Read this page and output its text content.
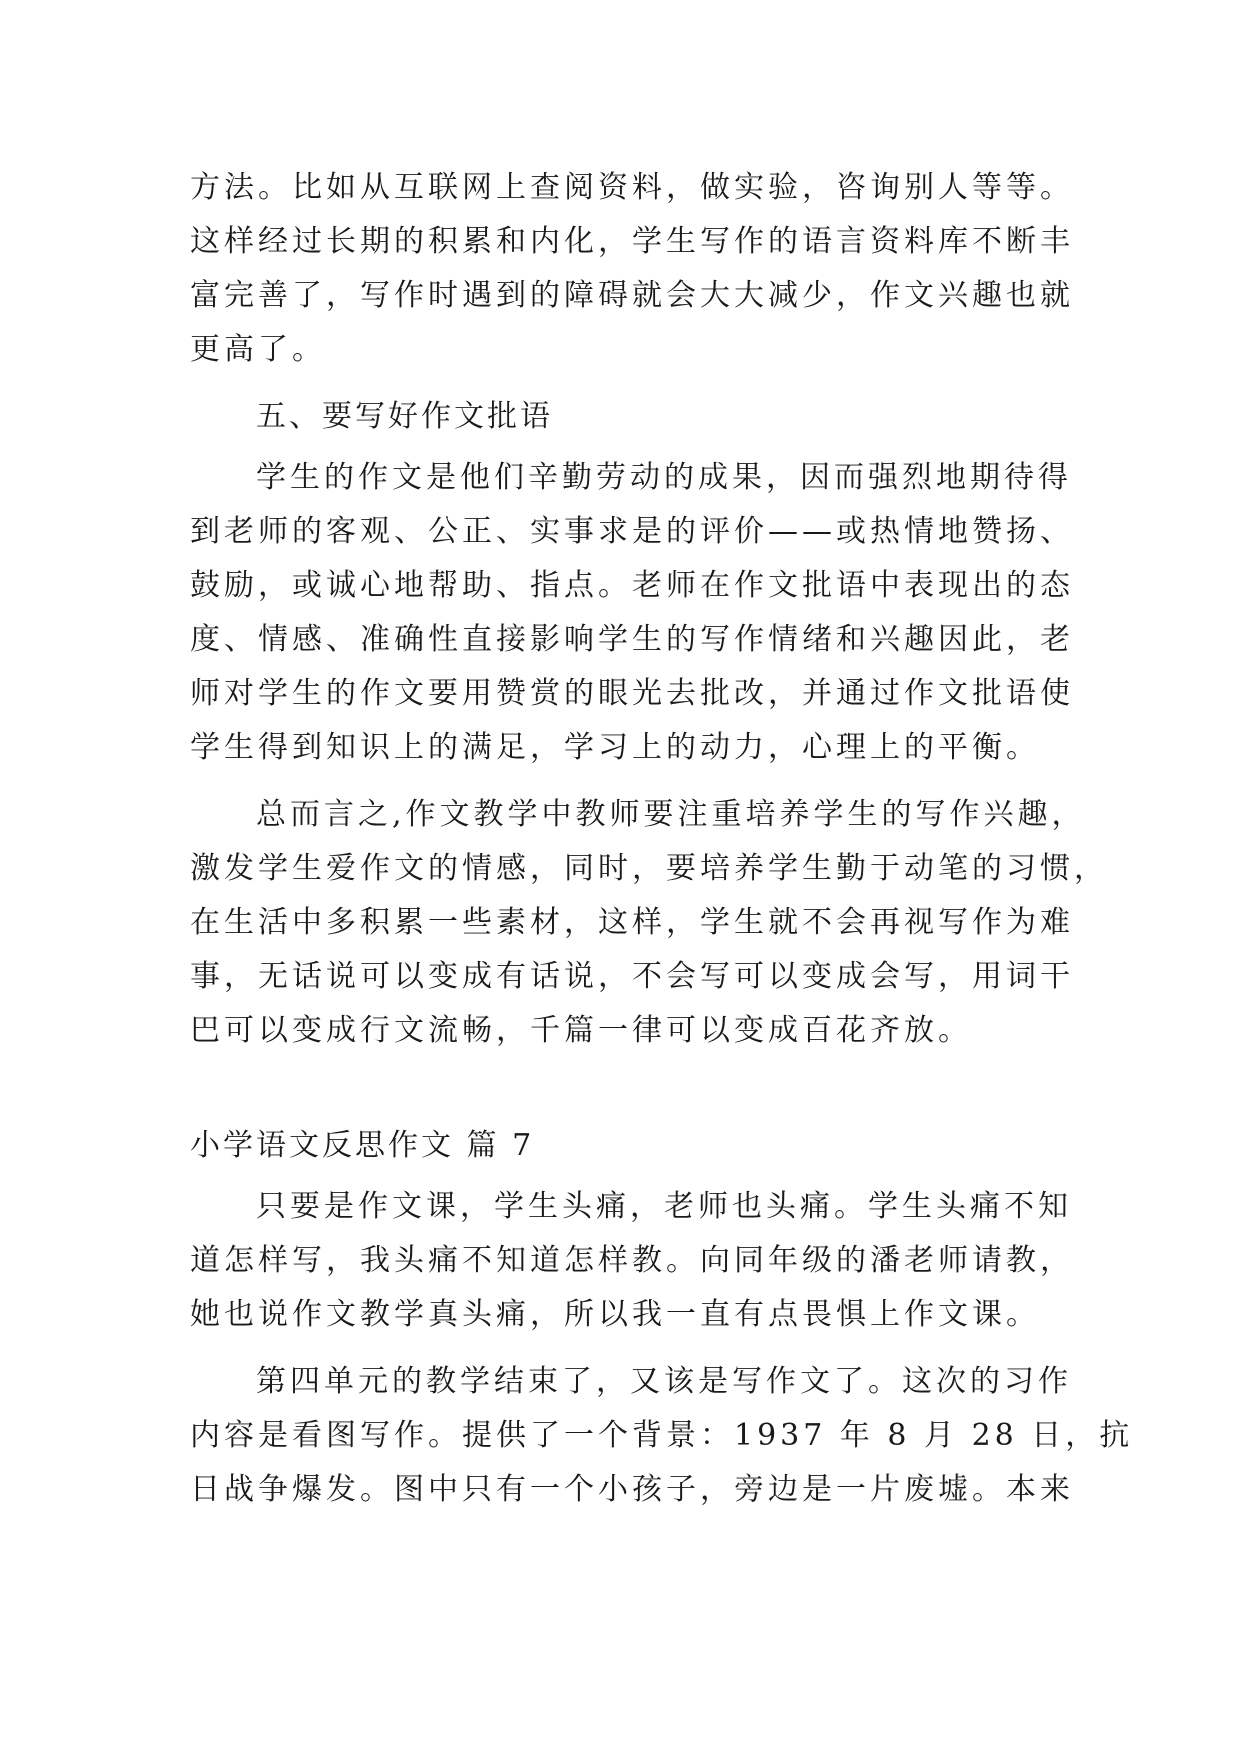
方法。比如从互联网上查阅资料，做实验，咨询别人等等。
这样经过长期的积累和内化，学生写作的语言资料库不断丰
富完善了，写作时遇到的障碍就会大大减少，作文兴趣也就
更高了。
五、要写好作文批语
学生的作文是他们辛勤劳动的成果，因而强烈地期待得
到老师的客观、公正、实事求是的评价——或热情地赞扬、
鼓励，或诚心地帮助、指点。老师在作文批语中表现出的态
度、情感、准确性直接影响学生的写作情绪和兴趣因此，老
师对学生的作文要用赞赏的眼光去批改，并通过作文批语使
学生得到知识上的满足，学习上的动力，心理上的平衡。
总而言之,作文教学中教师要注重培养学生的写作兴趣，
激发学生爱作文的情感，同时，要培养学生勤于动笔的习惯，
在生活中多积累一些素材，这样，学生就不会再视写作为难
事，无话说可以变成有话说，不会写可以变成会写，用词干
巴可以变成行文流畅，千篇一律可以变成百花齐放。
小学语文反思作文 篇 7
只要是作文课，学生头痛，老师也头痛。学生头痛不知
道怎样写，我头痛不知道怎样教。向同年级的潘老师请教，
她也说作文教学真头痛，所以我一直有点畏惧上作文课。
第四单元的教学结束了，又该是写作文了。这次的习作
内容是看图写作。提供了一个背景：1937 年 8 月 28 日，抗
日战争爆发。图中只有一个小孩子，旁边是一片废墟。本来
